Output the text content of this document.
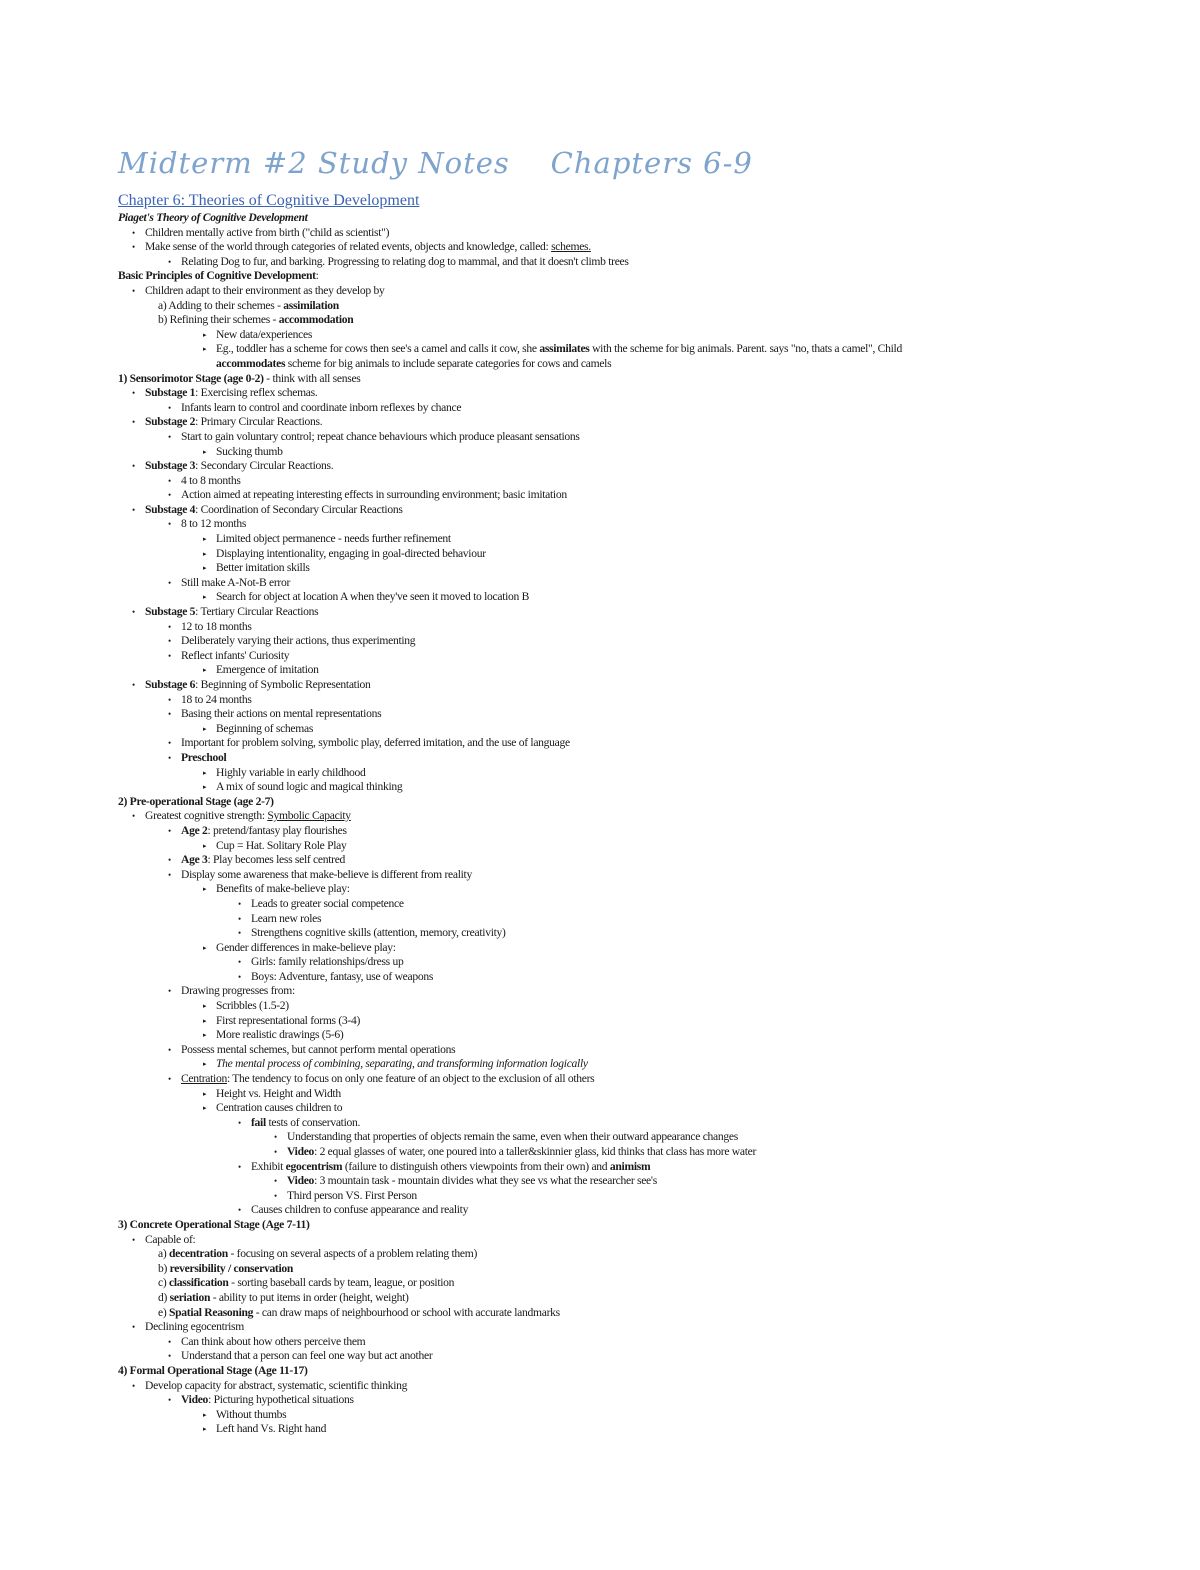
Midterm #2 Study Notes    Chapters 6-9
Chapter 6: Theories of Cognitive Development
Piaget's Theory of Cognitive Development
• Children mentally active from birth ("child as scientist")
• Make sense of the world through categories of related events, objects and knowledge, called: schemes.
• Relating Dog to fur, and barking. Progressing to relating dog to mammal, and that it doesn't climb trees
Basic Principles of Cognitive Development:
• Children adapt to their environment as they develop by
a) Adding to their schemes - assimilation
b) Refining their schemes - accommodation
▸ New data/experiences
▸ Eg., toddler has a scheme for cows then see's a camel and calls it cow, she assimilates with the scheme for big animals. Parent. says "no, thats a camel", Child
accommodates scheme for big animals to include separate categories for cows and camels
1) Sensorimotor Stage (age 0-2) - think with all senses
• Substage 1: Exercising reflex schemas.
• Infants learn to control and coordinate inborn reflexes by chance
• Substage 2: Primary Circular Reactions.
• Start to gain voluntary control; repeat chance behaviours which produce pleasant sensations
▸ Sucking thumb
• Substage 3: Secondary Circular Reactions.
• 4 to 8 months
• Action aimed at repeating interesting effects in surrounding environment; basic imitation
• Substage 4: Coordination of Secondary Circular Reactions
• 8 to 12 months
▸ Limited object permanence - needs further refinement
▸ Displaying intentionality, engaging in goal-directed behaviour
▸ Better imitation skills
• Still make A-Not-B error
▸ Search for object at location A when they've seen it moved to location B
• Substage 5: Tertiary Circular Reactions
• 12 to 18 months
• Deliberately varying their actions, thus experimenting
• Reflect infants' Curiosity
▸ Emergence of imitation
• Substage 6: Beginning of Symbolic Representation
• 18 to 24 months
• Basing their actions on mental representations
▸ Beginning of schemas
• Important for problem solving, symbolic play, deferred imitation, and the use of language
• Preschool
▸ Highly variable in early childhood
▸ A mix of sound logic and magical thinking
2) Pre-operational Stage (age 2-7)
• Greatest cognitive strength: Symbolic Capacity
• Age 2: pretend/fantasy play flourishes
▸ Cup = Hat. Solitary Role Play
• Age 3: Play becomes less self centred
• Display some awareness that make-believe is different from reality
▸ Benefits of make-believe play:
• Leads to greater social competence
• Learn new roles
• Strengthens cognitive skills (attention, memory, creativity)
▸ Gender differences in make-believe play:
• Girls: family relationships/dress up
• Boys: Adventure, fantasy, use of weapons
• Drawing progresses from:
▸ Scribbles (1.5-2)
▸ First representational forms (3-4)
▸ More realistic drawings (5-6)
• Possess mental schemes, but cannot perform mental operations
▸ The mental process of combining, separating, and transforming information logically
• Centration: The tendency to focus on only one feature of an object to the exclusion of all others
▸ Height vs. Height and Width
▸ Centration causes children to
• fail tests of conservation.
• Understanding that properties of objects remain the same, even when their outward appearance changes
• Video: 2 equal glasses of water, one poured into a taller&skinnier glass, kid thinks that class has more water
• Exhibit egocentrism (failure to distinguish others viewpoints from their own) and animism
• Video: 3 mountain task - mountain divides what they see vs what the researcher see's
• Third person VS. First Person
• Causes children to confuse appearance and reality
3) Concrete Operational Stage (Age 7-11)
• Capable of:
a) decentration - focusing on several aspects of a problem relating them)
b) reversibility / conservation
c) classification - sorting baseball cards by team, league, or position
d) seriation - ability to put items in order (height, weight)
e) Spatial Reasoning - can draw maps of neighbourhood or school with accurate landmarks
• Declining egocentrism
• Can think about how others perceive them
• Understand that a person can feel one way but act another
4) Formal Operational Stage (Age 11-17)
• Develop capacity for abstract, systematic, scientific thinking
• Video: Picturing hypothetical situations
▸ Without thumbs
▸ Left hand Vs. Right hand
